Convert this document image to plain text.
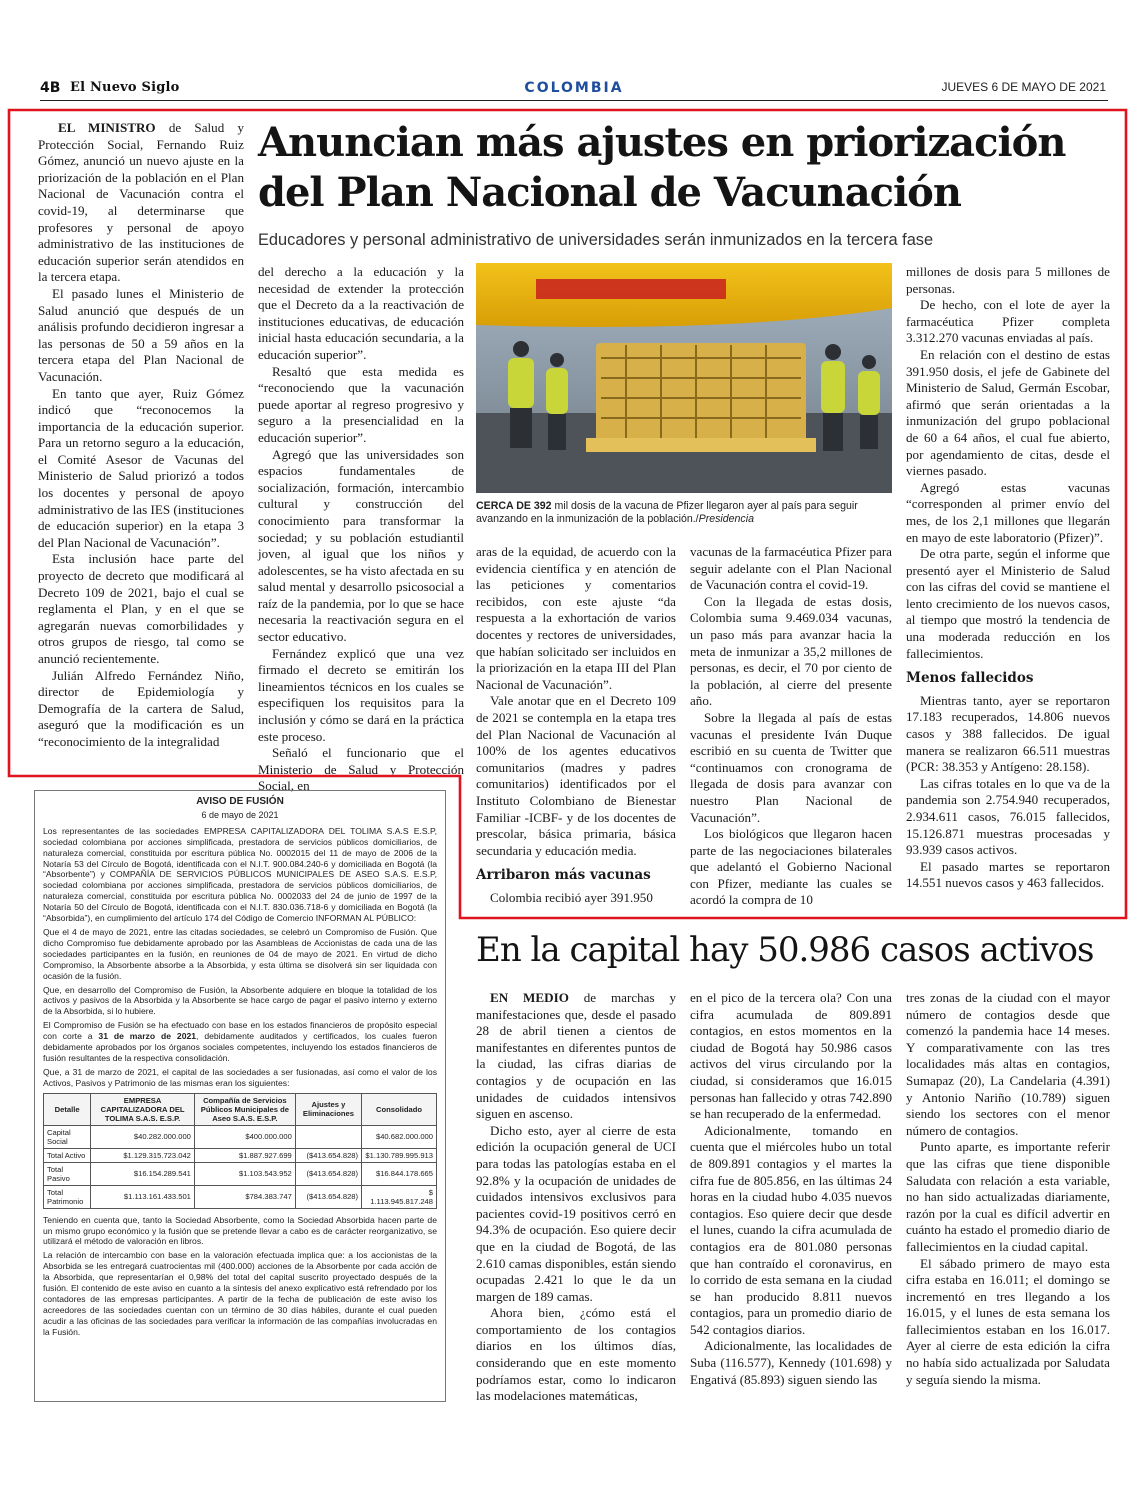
4B El Nuevo Siglo	COLOMBIA	JUEVES 6 DE MAYO DE 2021

EL MINISTRO de Salud y Protección Social, Fernando Ruiz Gómez, anunció un nuevo ajuste en la priorización de la población en el Plan Nacional de Vacunación contra el covid-19, al determinarse que profesores y personal de apoyo administrativo de las instituciones de educación superior serán atendidos en la tercera etapa.

El pasado lunes el Ministerio de Salud anunció que después de un análisis profundo decidieron ingresar a las personas de 50 a 59 años en la tercera etapa del Plan Nacional de Vacunación.

En tanto que ayer, Ruiz Gómez indicó que “reconocemos la importancia de la educación superior. Para un retorno seguro a la educación, el Comité Asesor de Vacunas del Ministerio de Salud priorizó a todos los docentes y personal de apoyo administrativo de las IES (instituciones de educación superior) en la etapa 3 del Plan Nacional de Vacunación”.

Esta inclusión hace parte del proyecto de decreto que modificará al Decreto 109 de 2021, bajo el cual se reglamenta el Plan, y en el que se agregarán nuevas comorbilidades y otros grupos de riesgo, tal como se anunció recientemente.

Julián Alfredo Fernández Niño, director de Epidemiología y Demografía de la cartera de Salud, aseguró que la modificación es un “reconocimiento de la integralidad

Anuncian más ajustes en priorización
del Plan Nacional de Vacunación
Educadores y personal administrativo de universidades serán inmunizados en la tercera fase

del derecho a la educación y la necesidad de extender la protección que el Decreto da a la reactivación de instituciones educativas, de educación inicial hasta educación secundaria, a la educación superior”.

Resaltó que esta medida es “reconociendo que la vacunación puede aportar al regreso progresivo y seguro a la presencialidad en la educación superior”.

Agregó que las universidades son espacios fundamentales de socialización, formación, intercambio cultural y construcción del conocimiento para transformar la sociedad; y su población estudiantil joven, al igual que los niños y adolescentes, se ha visto afectada en su salud mental y desarrollo psicosocial a raíz de la pandemia, por lo que se hace necesaria la reactivación segura en el sector educativo.

Fernández explicó que una vez firmado el decreto se emitirán los lineamientos técnicos en los cuales se especifiquen los requisitos para la inclusión y cómo se dará en la práctica este proceso.

Señaló el funcionario que el Ministerio de Salud y Protección Social, en

CERCA DE 392 mil dosis de la vacuna de Pfizer llegaron ayer al país para seguir avanzando en la inmunización de la población./Presidencia

aras de la equidad, de acuerdo con la evidencia científica y en atención de las peticiones y comentarios recibidos, con este ajuste “da respuesta a la exhortación de varios docentes y rectores de universidades, que habían solicitado ser incluidos en la priorización en la etapa III del Plan Nacional de Vacunación”.

Vale anotar que en el Decreto 109 de 2021 se contempla en la etapa tres del Plan Nacional de Vacunación al 100% de los agentes educativos comunitarios (madres y padres comunitarios) identificados por el Instituto Colombiano de Bienestar Familiar -ICBF- y de los docentes de prescolar, básica primaria, básica secundaria y educación media.

Arribaron más vacunas

Colombia recibió ayer 391.950

vacunas de la farmacéutica Pfizer para seguir adelante con el Plan Nacional de Vacunación contra el covid-19.

Con la llegada de estas dosis, Colombia suma 9.469.034 vacunas, un paso más para avanzar hacia la meta de inmunizar a 35,2 millones de personas, es decir, el 70 por ciento de la población, al cierre del presente año.

Sobre la llegada al país de estas vacunas el presidente Iván Duque escribió en su cuenta de Twitter que “continuamos con cronograma de llegada de dosis para avanzar con nuestro Plan Nacional de Vacunación”.

Los biológicos que llegaron hacen parte de las negociaciones bilaterales que adelantó el Gobierno Nacional con Pfizer, mediante las cuales se acordó la compra de 10

millones de dosis para 5 millones de personas.

De hecho, con el lote de ayer la farmacéutica Pfizer completa 3.312.270 vacunas enviadas al país.

En relación con el destino de estas 391.950 dosis, el jefe de Gabinete del Ministerio de Salud, Germán Escobar, afirmó que serán orientadas a la inmunización del grupo poblacional de 60 a 64 años, el cual fue abierto, por agendamiento de citas, desde el viernes pasado.

Agregó estas vacunas “corresponden al primer envío del mes, de los 2,1 millones que llegarán en mayo de este laboratorio (Pfizer)”.

De otra parte, según el informe que presentó ayer el Ministerio de Salud con las cifras del covid se mantiene el lento crecimiento de los nuevos casos, al tiempo que mostró la tendencia de una moderada reducción en los fallecimientos.

Menos fallecidos

Mientras tanto, ayer se reportaron 17.183 recuperados, 14.806 nuevos casos y 388 fallecidos. De igual manera se realizaron 66.511 muestras (PCR: 38.353 y Antígeno: 28.158).

Las cifras totales en lo que va de la pandemia son 2.754.940 recuperados, 2.934.611 casos, 76.015 fallecidos, 15.126.871 muestras procesadas y 93.939 casos activos.

El pasado martes se reportaron 14.551 nuevos casos y 463 fallecidos.

AVISO DE FUSIÓN
6 de mayo de 2021

Los representantes de las sociedades EMPRESA CAPITALIZADORA DEL TOLIMA S.A.S E.S.P, sociedad colombiana por acciones simplificada, prestadora de servicios públicos domiciliarios, de naturaleza comercial, constituida por escritura pública No. 0002015 del 11 de mayo de 2006 de la Notaría 53 del Círculo de Bogotá, identificada con el N.I.T. 900.084.240-6 y domiciliada en Bogotá (la “Absorbente”) y COMPAÑÍA DE SERVICIOS PÚBLICOS MUNICIPALES DE ASEO S.A.S. E.S.P, sociedad colombiana por acciones simplificada, prestadora de servicios públicos domiciliarios, de naturaleza comercial, constituida por escritura pública No. 0002033 del 24 de junio de 1997 de la Notaría 50 del Círculo de Bogotá, identificada con el N.I.T. 830.036.718-6 y domiciliada en Bogotá (la “Absorbida”), en cumplimiento del artículo 174 del Código de Comercio INFORMAN AL PÚBLICO:

Que el 4 de mayo de 2021, entre las citadas sociedades, se celebró un Compromiso de Fusión. Que dicho Compromiso fue debidamente aprobado por las Asambleas de Accionistas de cada una de las sociedades participantes en la fusión, en reuniones de 04 de mayo de 2021. En virtud de dicho Compromiso, la Absorbente absorbe a la Absorbida, y esta última se disolverá sin ser liquidada con ocasión de la fusión.

Que, en desarrollo del Compromiso de Fusión, la Absorbente adquiere en bloque la totalidad de los activos y pasivos de la Absorbida y la Absorbente se hace cargo de pagar el pasivo interno y externo de la Absorbida, si lo hubiere.

El Compromiso de Fusión se ha efectuado con base en los estados financieros de propósito especial con corte a 31 de marzo de 2021, debidamente auditados y certificados, los cuales fueron debidamente aprobados por los órganos sociales competentes, incluyendo los estados financieros de fusión resultantes de la respectiva consolidación.

Que, a 31 de marzo de 2021, el capital de las sociedades a ser fusionadas, así como el valor de los Activos, Pasivos y Patrimonio de las mismas eran los siguientes:

Detalle	EMPRESA CAPITALIZADORA DEL TOLIMA S.A.S. E.S.P.	Compañía de Servicios Públicos Municipales de Aseo S.A.S. E.S.P.	Ajustes y Eliminaciones	Consolidado
Capital Social	$40.282.000.000	$400.000.000		$40.682.000.000
Total Activo	$1.129.315.723.042	$1.887.927.699	($413.654.828)	$1.130.789.995.913
Total Pasivo	$16.154.289.541	$1.103.543.952	($413.654.828)	$16.844.178.665
Total Patrimonio	$1.113.161.433.501	$784.383.747	($413.654.828)	$ 1.113.945.817.248

Teniendo en cuenta que, tanto la Sociedad Absorbente, como la Sociedad Absorbida hacen parte de un mismo grupo económico y la fusión que se pretende llevar a cabo es de carácter reorganizativo, se utilizará el método de valoración en libros.

La relación de intercambio con base en la valoración efectuada implica que: a los accionistas de la Absorbida se les entregará cuatrocientas mil (400.000) acciones de la Absorbente por cada acción de la Absorbida, que representarían el 0,98% del total del capital suscrito proyectado después de la fusión. El contenido de este aviso en cuanto a la síntesis del anexo explicativo está refrendado por los contadores de las empresas participantes. A partir de la fecha de publicación de este aviso los acreedores de las sociedades cuentan con un término de 30 días hábiles, durante el cual pueden acudir a las oficinas de las sociedades para verificar la información de las compañías involucradas en la Fusión.

En la capital hay 50.986 casos activos

EN MEDIO de marchas y manifestaciones que, desde el pasado 28 de abril tienen a cientos de manifestantes en diferentes puntos de la ciudad, las cifras diarias de contagios y de ocupación en las unidades de cuidados intensivos siguen en ascenso.

Dicho esto, ayer al cierre de esta edición la ocupación general de UCI para todas las patologías estaba en el 92.8% y la ocupación de unidades de cuidados intensivos exclusivos para pacientes covid-19 positivos cerró en 94.3% de ocupación. Eso quiere decir que en la ciudad de Bogotá, de las 2.610 camas disponibles, están siendo ocupadas 2.421 lo que le da un margen de 189 camas.

Ahora bien, ¿cómo está el comportamiento de los contagios diarios en los últimos días, considerando que en este momento podríamos estar, como lo indicaron las modelaciones matemáticas,

en el pico de la tercera ola? Con una cifra acumulada de 809.891 contagios, en estos momentos en la ciudad de Bogotá hay 50.986 casos activos del virus circulando por la ciudad, si consideramos que 16.015 personas han fallecido y otras 742.890 se han recuperado de la enfermedad.

Adicionalmente, tomando en cuenta que el miércoles hubo un total de 809.891 contagios y el martes la cifra fue de 805.856, en las últimas 24 horas en la ciudad hubo 4.035 nuevos contagios. Eso quiere decir que desde el lunes, cuando la cifra acumulada de contagios era de 801.080 personas que han contraído el coronavirus, en lo corrido de esta semana en la ciudad se han producido 8.811 nuevos contagios, para un promedio diario de 542 contagios diarios.

Adicionalmente, las localidades de Suba (116.577), Kennedy (101.698) y Engativá (85.893) siguen siendo las

tres zonas de la ciudad con el mayor número de contagios desde que comenzó la pandemia hace 14 meses. Y comparativamente con las tres localidades más altas en contagios, Sumapaz (20), La Candelaria (4.391) y Antonio Nariño (10.789) siguen siendo los sectores con el menor número de contagios.

Punto aparte, es importante referir que las cifras que tiene disponible Saludata con relación a esta variable, no han sido actualizadas diariamente, razón por la cual es difícil advertir en cuánto ha estado el promedio diario de fallecimientos en la ciudad capital.

El sábado primero de mayo esta cifra estaba en 16.011; el domingo se incrementó en tres llegando a los 16.015, y el lunes de esta semana los fallecimientos estaban en los 16.017. Ayer al cierre de esta edición la cifra no había sido actualizada por Saludata y seguía siendo la misma.
